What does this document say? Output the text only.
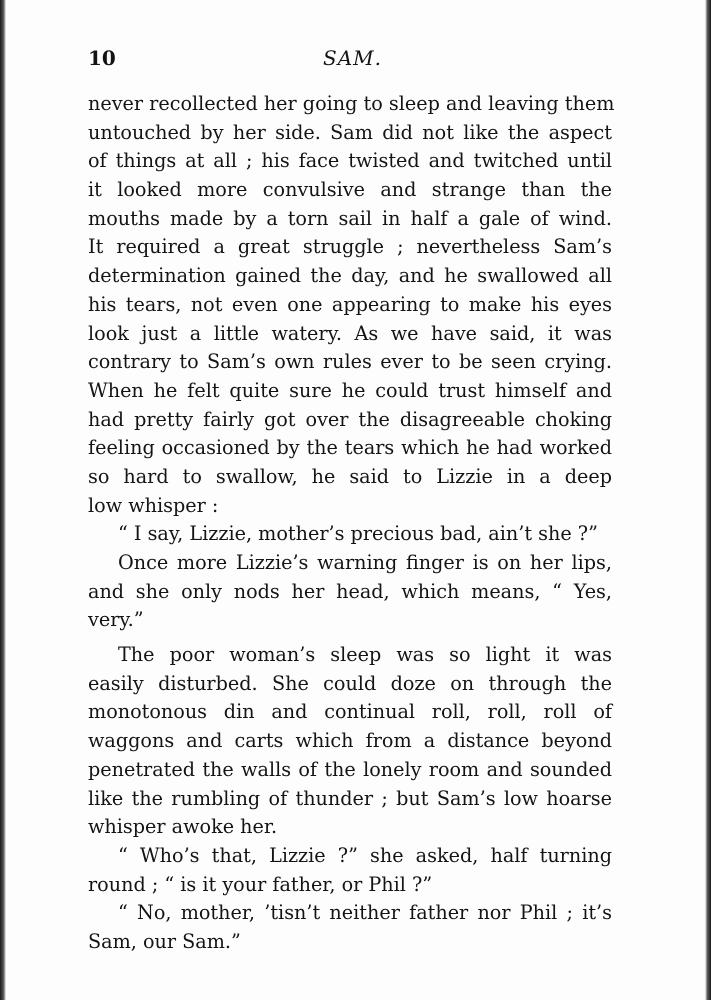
10	SAM.
never recollected her going to sleep and leaving them
untouched by her side. Sam did not like the aspect
of things at all ; his face twisted and twitched until
it looked more convulsive and strange than the
mouths made by a torn sail in half a gale of wind.
It required a great struggle ; nevertheless Sam’s
determination gained the day, and he swallowed all
his tears, not even one appearing to make his eyes
look just a little watery. As we have said, it was
contrary to Sam’s own rules ever to be seen crying.
When he felt quite sure he could trust himself and
had pretty fairly got over the disagreeable choking
feeling occasioned by the tears which he had worked
so hard to swallow, he said to Lizzie in a deep
low whisper :
“ I say, Lizzie, mother’s precious bad, ain’t she ?”
Once more Lizzie’s warning finger is on her lips,
and she only nods her head, which means, “ Yes,
very.”
The poor woman’s sleep was so light it was
easily disturbed. She could doze on through the
monotonous din and continual roll, roll, roll of
waggons and carts which from a distance beyond
penetrated the walls of the lonely room and sounded
like the rumbling of thunder ; but Sam’s low hoarse
whisper awoke her.
“ Who’s that, Lizzie ?” she asked, half turning
round ; “ is it your father, or Phil ?”
“ No, mother, ’tisn’t neither father nor Phil ; it’s
Sam, our Sam.”
